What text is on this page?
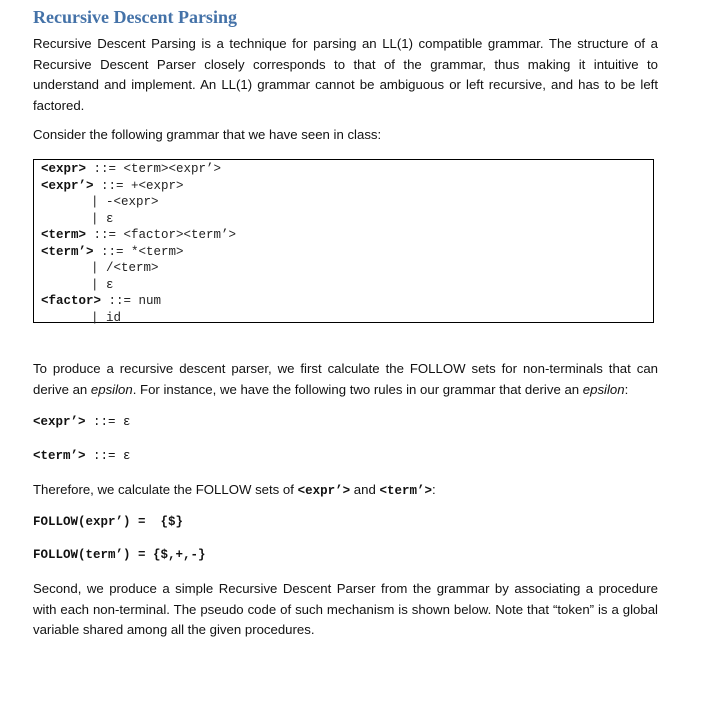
Recursive Descent Parsing

Recursive Descent Parsing is a technique for parsing an LL(1) compatible grammar. The structure of a Recursive Descent Parser closely corresponds to that of the grammar, thus making it intuitive to understand and implement. An LL(1) grammar cannot be ambiguous or left recursive, and has to be left factored.

Consider the following grammar that we have seen in class:

<expr> ::= <term><expr’>
<expr’> ::= +<expr>
| -<expr>
| ε
<term> ::= <factor><term’>
<term’> ::= *<term>
| /<term>
| ε
<factor> ::= num
| id

To produce a recursive descent parser, we first calculate the FOLLOW sets for non-terminals that can derive an epsilon. For instance, we have the following two rules in our grammar that derive an epsilon:

<expr’> ::= ε

<term’> ::= ε

Therefore, we calculate the FOLLOW sets of <expr’> and <term’>:

FOLLOW(expr’) =  {$}

FOLLOW(term’) = {$,+,-}

Second, we produce a simple Recursive Descent Parser from the grammar by associating a procedure with each non-terminal. The pseudo code of such mechanism is shown below. Note that “token” is a global variable shared among all the given procedures.
